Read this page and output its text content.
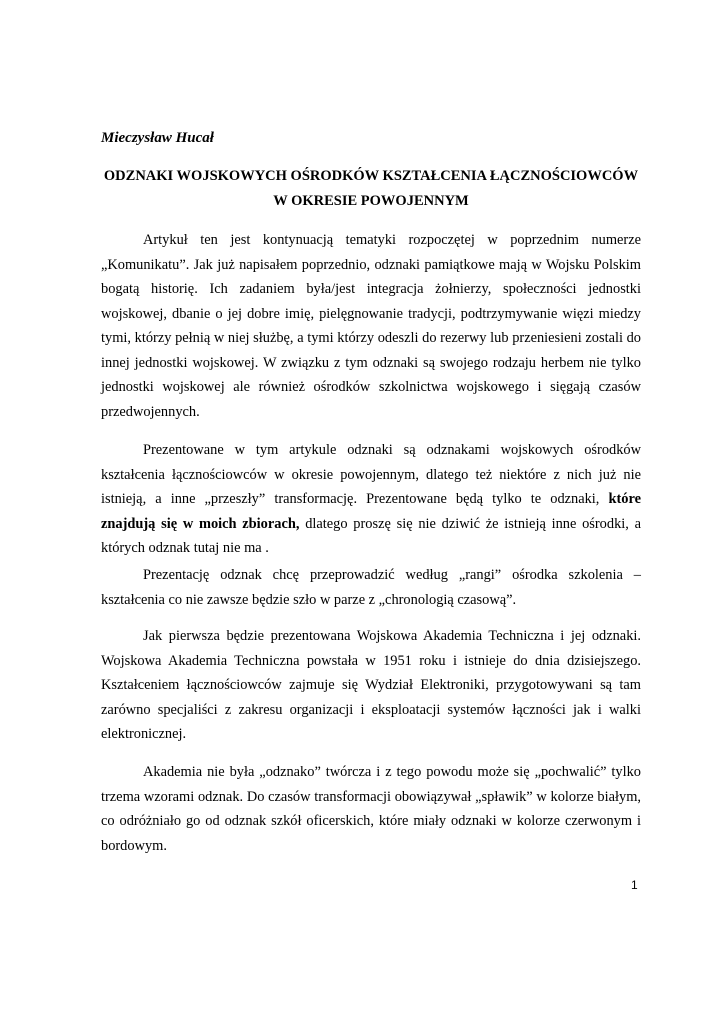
Mieczysław Hucał
ODZNAKI WOJSKOWYCH OŚRODKÓW KSZTAŁCENIA ŁĄCZNOŚCIOWCÓW
W OKRESIE POWOJENNYM

Artykuł ten jest kontynuacją tematyki rozpoczętej w poprzednim numerze „Komunikatu”. Jak już napisałem poprzednio, odznaki pamiątkowe mają w Wojsku Polskim bogatą historię. Ich zadaniem była/jest integracja żołnierzy, społeczności jednostki wojskowej, dbanie o jej dobre imię, pielęgnowanie tradycji, podtrzymywanie więzi miedzy tymi, którzy pełnią w niej służbę, a tymi którzy odeszli do rezerwy lub przeniesieni zostali do innej jednostki wojskowej. W związku z tym odznaki są swojego rodzaju herbem nie tylko jednostki wojskowej ale również ośrodków szkolnictwa wojskowego i sięgają czasów przedwojennych.

Prezentowane w tym artykule odznaki są odznakami wojskowych ośrodków kształcenia łącznościowców w okresie powojennym, dlatego też niektóre z nich już nie istnieją, a inne „przeszły” transformację. Prezentowane będą tylko te odznaki, które znajdują się w moich zbiorach, dlatego proszę się nie dziwić że istnieją inne ośrodki, a których odznak tutaj nie ma .

Prezentację odznak chcę przeprowadzić według „rangi” ośrodka szkolenia – kształcenia co nie zawsze będzie szło w parze z „chronologią czasową”.

Jak pierwsza będzie prezentowana Wojskowa Akademia Techniczna i jej odznaki. Wojskowa Akademia Techniczna powstała w 1951 roku i istnieje do dnia dzisiejszego. Kształceniem łącznościowców zajmuje się Wydział Elektroniki, przygotowywani są tam zarówno specjaliści z zakresu organizacji i eksploatacji systemów łączności jak i walki elektronicznej.

Akademia nie była „odznako” twórcza i z tego powodu może się „pochwalić” tylko trzema wzorami odznak. Do czasów transformacji obowiązywał „spławik” w kolorze białym, co odróżniało go od odznak szkół oficerskich, które miały odznaki w kolorze czerwonym i bordowym.

1
